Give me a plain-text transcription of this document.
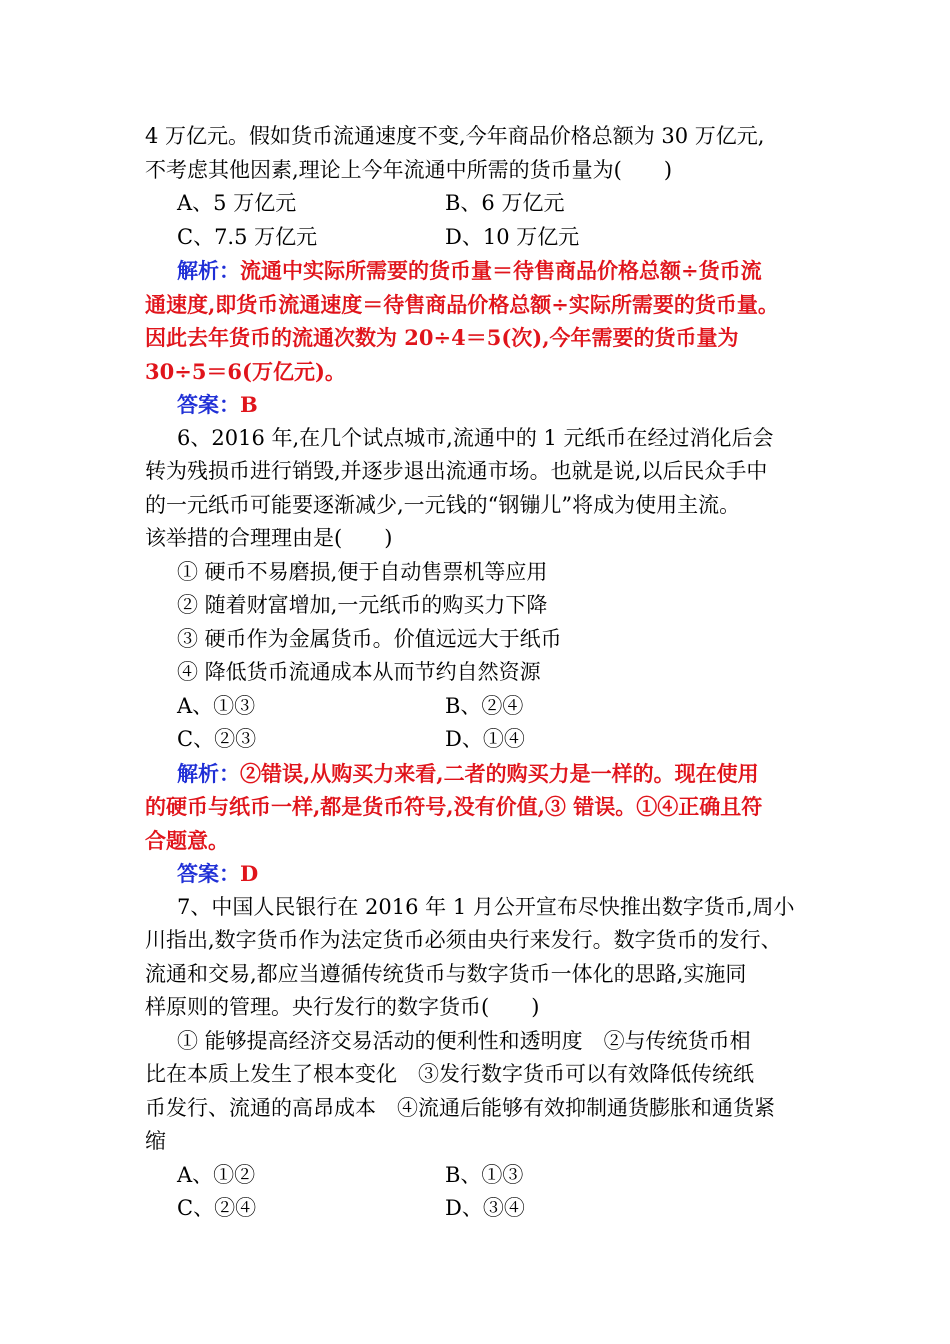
4 万亿元。假如货币流通速度不变,今年商品价格总额为 30 万亿元,
不考虑其他因素,理论上今年流通中所需的货币量为(　　)
A、5 万亿元	B、6 万亿元
C、7.5 万亿元	D、10 万亿元
解析：流通中实际所需要的货币量＝待售商品价格总额÷货币流
通速度,即货币流通速度＝待售商品价格总额÷实际所需要的货币量。
因此去年货币的流通次数为 20÷4＝5(次),今年需要的货币量为
30÷5＝6(万亿元)。
答案：B
6、2016 年,在几个试点城市,流通中的 1 元纸币在经过消化后会
转为残损币进行销毁,并逐步退出流通市场。也就是说,以后民众手中
的一元纸币可能要逐渐减少,一元钱的“钢镚儿”将成为使用主流。
该举措的合理理由是(　　)
① 硬币不易磨损,便于自动售票机等应用
② 随着财富增加,一元纸币的购买力下降
③ 硬币作为金属货币。价值远远大于纸币
④ 降低货币流通成本从而节约自然资源
A、①③	B、②④
C、②③	D、①④
解析：②错误,从购买力来看,二者的购买力是一样的。现在使用
的硬币与纸币一样,都是货币符号,没有价值,③ 错误。①④正确且符
合题意。
答案：D
7、中国人民银行在 2016 年 1 月公开宣布尽快推出数字货币,周小
川指出,数字货币作为法定货币必须由央行来发行。数字货币的发行、
流通和交易,都应当遵循传统货币与数字货币一体化的思路,实施同
样原则的管理。央行发行的数字货币(　　)
① 能够提高经济交易活动的便利性和透明度　②与传统货币相
比在本质上发生了根本变化　③发行数字货币可以有效降低传统纸
币发行、流通的高昂成本　④流通后能够有效抑制通货膨胀和通货紧
缩
A、①②	B、①③
C、②④	D、③④
